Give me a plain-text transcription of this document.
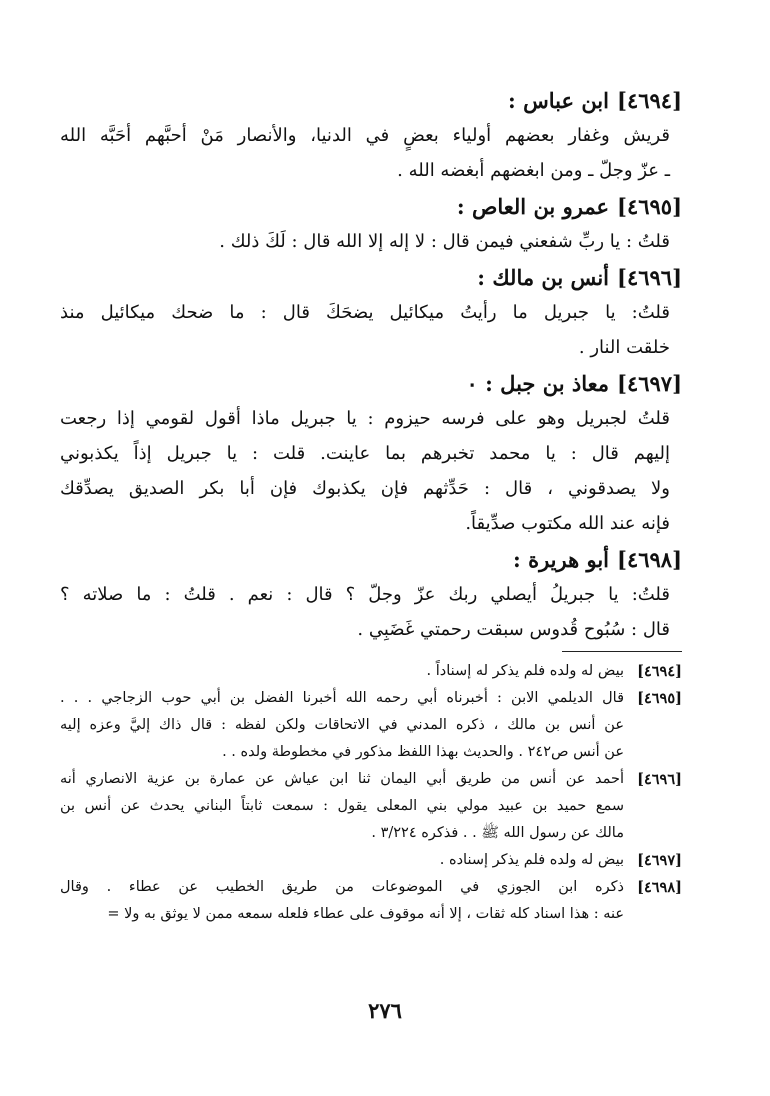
[٤٦٩٤]ابن عباس :
قريش وغفار بعضهم أولياء بعضٍ في الدنيا، والأنصار مَنْ أحبَّهم أحَبَّه الله
ـ عزّ وجلّ ـ ومن ابغضهم أبغضه الله .
[٤٦٩٥]عمرو بن العاص :
قلتُ : يا ربِّ شفعني فيمن قال : لا إله إلا الله قال : لَكَ ذلك .
[٤٦٩٦]أنس بن مالك :
قلتُ: يا جبريل ما رأيتُ ميكائيل يضحَكَ قال : ما ضحك ميكائيل منذ
خلقت النار .
[٤٦٩٧]معاذ بن جبل : ٠
قلتُ لجبريل وهو على فرسه حيزوم : يا جبريل ماذا أقول لقومي إذا رجعت
إليهم قال : يا محمد تخبرهم بما عاينت. قلت : يا جبريل إذاً يكذبوني
ولا يصدقوني ، قال : حَدِّثهم فإن يكذبوك فإن أبا بكر الصديق يصدِّقك
فإنه عند الله مكتوب صدِّيقاً.
[٤٦٩٨]أبو هريرة :
قلتُ: يا جبريلُ أيصلي ربك عزّ وجلّ ؟ قال : نعم . قلتُ : ما صلاته ؟
قال : سُبُوح قُدوس سبقت رحمتي غَضَبِي .
[٤٦٩٤]
بيض له ولده فلم يذكر له إسناداً .
[٤٦٩٥]
قال الديلمي الابن : أخبرناه أبي رحمه الله أخبرنا الفضل بن أبي حوب الزجاجي . . .
عن أنس بن مالك ، ذكره المدني في الاتحاقات ولكن لفظه : قال ذاك إليَّ وعزه إليه
عن أنس ص٢٤٢ . والحديث بهذا اللفظ مذكور في مخطوطة ولده . .
[٤٦٩٦]
أحمد عن أنس من طريق أبي اليمان ثنا ابن عياش عن عمارة بن عزية الانصاري أنه
سمع حميد بن عبيد مولي بني المعلى يقول : سمعت ثابتاً البناني يحدث عن أنس بن
مالك عن رسول الله ﷺ . . فذكره ٣/٢٢٤ .
[٤٦٩٧]
بيض له ولده فلم يذكر إسناده .
[٤٦٩٨]
ذكره ابن الجوزي في الموضوعات من طريق الخطيب عن عطاء . وقال
عنه : هذا اسناد كله ثقات ، إلا أنه موقوف على عطاء فلعله سمعه ممن لا يوثق به ولا =
٢٧٦
